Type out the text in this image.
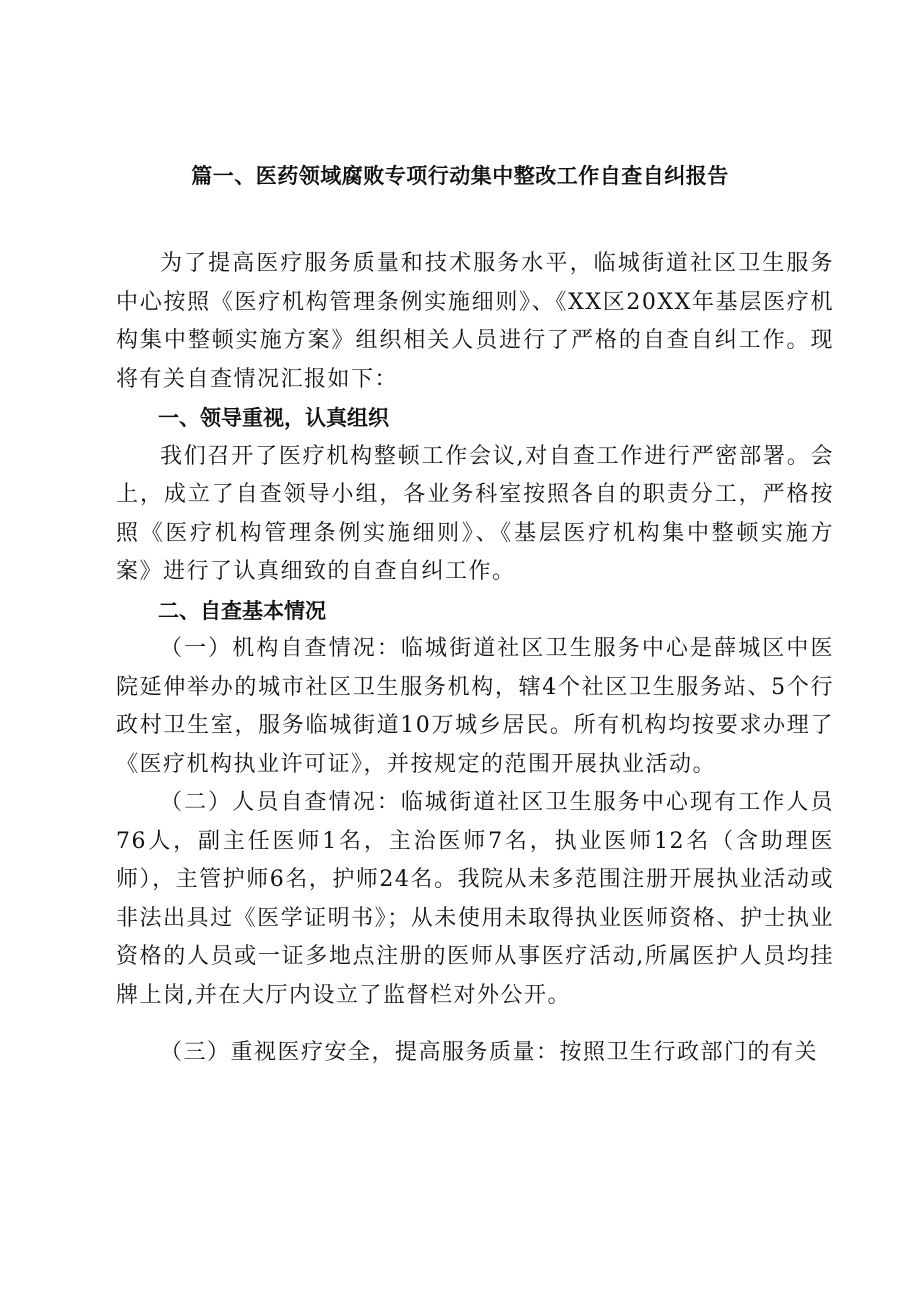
篇一、医药领域腐败专项行动集中整改工作自查自纠报告

为了提高医疗服务质量和技术服务水平，临城街道社区卫生服务中心按照《医疗机构管理条例实施细则》、《XX区20XX年基层医疗机构集中整顿实施方案》组织相关人员进行了严格的自查自纠工作。现将有关自查情况汇报如下：

一、领导重视，认真组织

我们召开了医疗机构整顿工作会议,对自查工作进行严密部署。会上，成立了自查领导小组，各业务科室按照各自的职责分工，严格按照《医疗机构管理条例实施细则》、《基层医疗机构集中整顿实施方案》进行了认真细致的自查自纠工作。

二、自查基本情况

（一）机构自查情况：临城街道社区卫生服务中心是薛城区中医院延伸举办的城市社区卫生服务机构，辖4个社区卫生服务站、5个行政村卫生室，服务临城街道10万城乡居民。所有机构均按要求办理了《医疗机构执业许可证》，并按规定的范围开展执业活动。

（二）人员自查情况：临城街道社区卫生服务中心现有工作人员76人，副主任医师1名，主治医师7名，执业医师12名（含助理医师），主管护师6名，护师24名。我院从未多范围注册开展执业活动或非法出具过《医学证明书》；从未使用未取得执业医师资格、护士执业资格的人员或一证多地点注册的医师从事医疗活动,所属医护人员均挂牌上岗,并在大厅内设立了监督栏对外公开。

（三）重视医疗安全，提高服务质量：按照卫生行政部门的有关
